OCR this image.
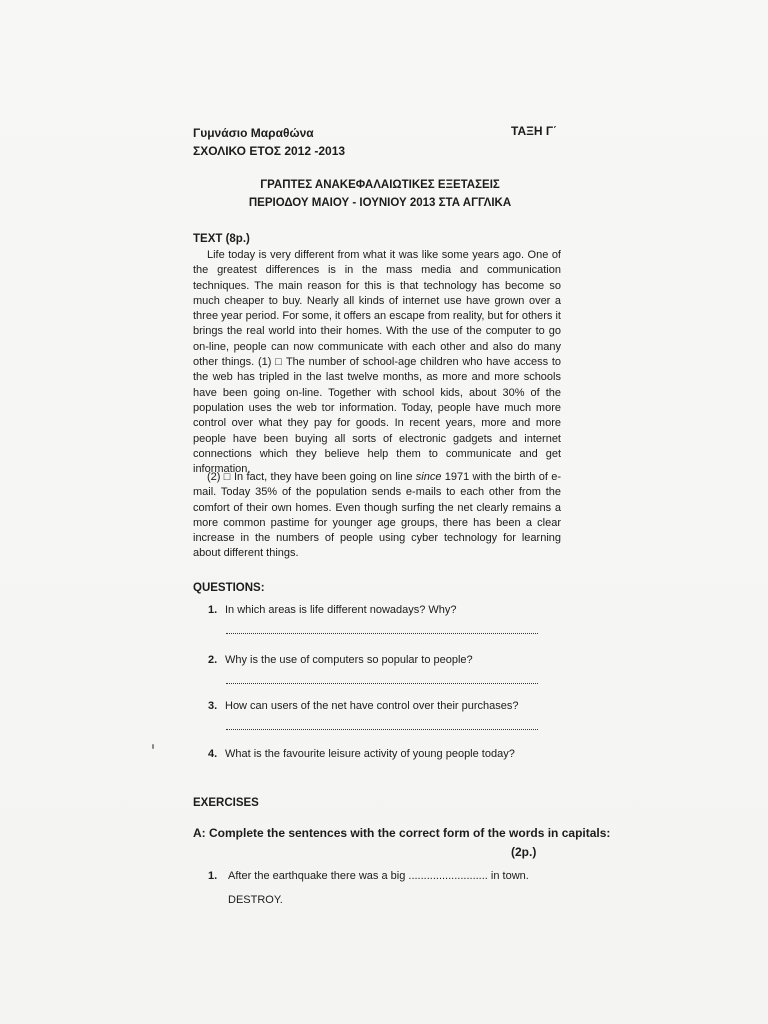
Γυμνάσιο Μαραθώνα
ΣΧΟΛΙΚΟ ΕΤΟΣ 2012 -2013
ΤΑΞΗ Γ΄
ΓΡΑΠΤΕΣ ΑΝΑΚΕΦΑΛΑΙΩΤΙΚΕΣ ΕΞΕΤΑΣΕΙΣ
ΠΕΡΙΟΔΟΥ ΜΑΙΟΥ - ΙΟΥΝΙΟΥ 2013 ΣΤΑ ΑΓΓΛΙΚΑ
TEXT (8p.)

Life today is very different from what it was like some years ago. One of the greatest differences is in the mass media and communication techniques. The main reason for this is that technology has become so much cheaper to buy. Nearly all kinds of internet use have grown over a three year period. For some, it offers an escape from reality, but for others it brings the real world into their homes. With the use of the computer to go on-line, people can now communicate with each other and also do many other things. (1) □ The number of school-age children who have access to the web has tripled in the last twelve months, as more and more schools have been going on-line. Together with school kids, about 30% of the population uses the web tor information. Today, people have much more control over what they pay for goods. In recent years, more and more people have been buying all sorts of electronic gadgets and internet connections which they believe help them to communicate and get information.

(2) □ In fact, they have been going on line since 1971 with the birth of e-mail. Today 35% of the population sends e-mails to each other from the comfort of their own homes. Even though surfing the net clearly remains a more common pastime for younger age groups, there has been a clear increase in the numbers of people using cyber technology for learning about different things.

QUESTIONS:
1. In which areas is life different nowadays? Why?
2. Why is the use of computers so popular to people?
3. How can users of the net have control over their purchases?
4. What is the favourite leisure activity of young people today?
EXERCISES
A: Complete the sentences with the correct form of the words in capitals:
(2p.)
1. After the earthquake there was a big .......................... in town.
DESTROY.
